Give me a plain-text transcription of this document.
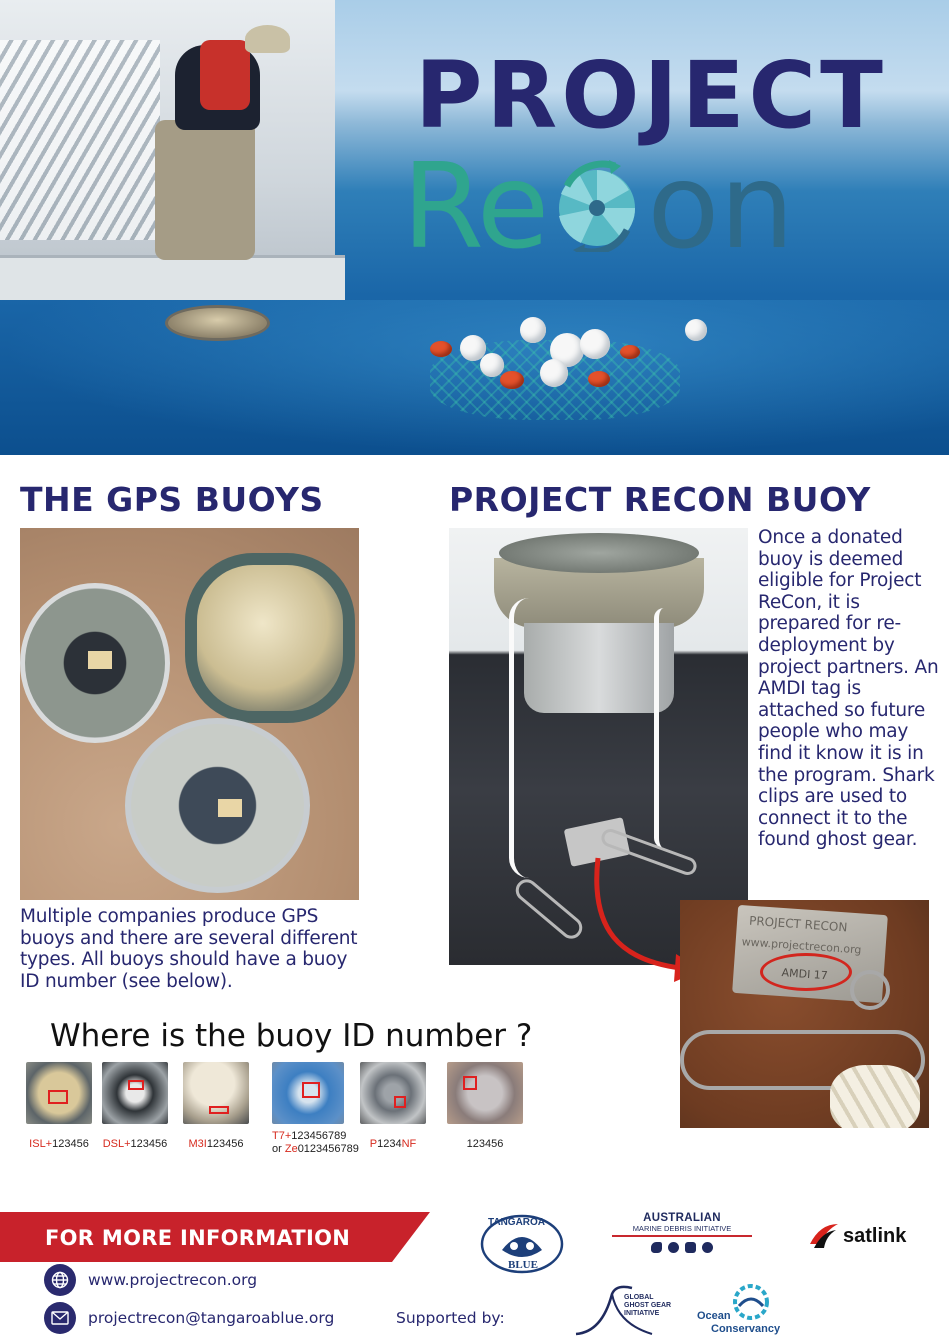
PROJECT
Re on
THE GPS BUOYS	PROJECT RECON BUOY
PROJECT RECON
www.projectrecon.org
AMDI 17
Once a donated buoy is deemed eligible for Project ReCon, it is prepared for re-deployment by project partners. An AMDI tag is attached so future people who may find it know it is in the program. Shark clips are used to connect it to the found ghost gear.
Multiple companies produce GPS buoys and there are several different types. All buoys should have a buoy ID number (see below).
Where is the buoy ID number ?
ISL+123456	DSL+123456	M3I123456
T7+123456789
or Ze0123456789 P1234NF	123456
FOR MORE INFORMATION
www.projectrecon.org
projectrecon@tangaroablue.org	Supported by:
TANGAROA
BLUE
AUSTRALIAN
MARINE DEBRIS INITIATIVE	satlink
GLOBAL
GHOST GEAR
INITIATIVE	Ocean
Conservancy
